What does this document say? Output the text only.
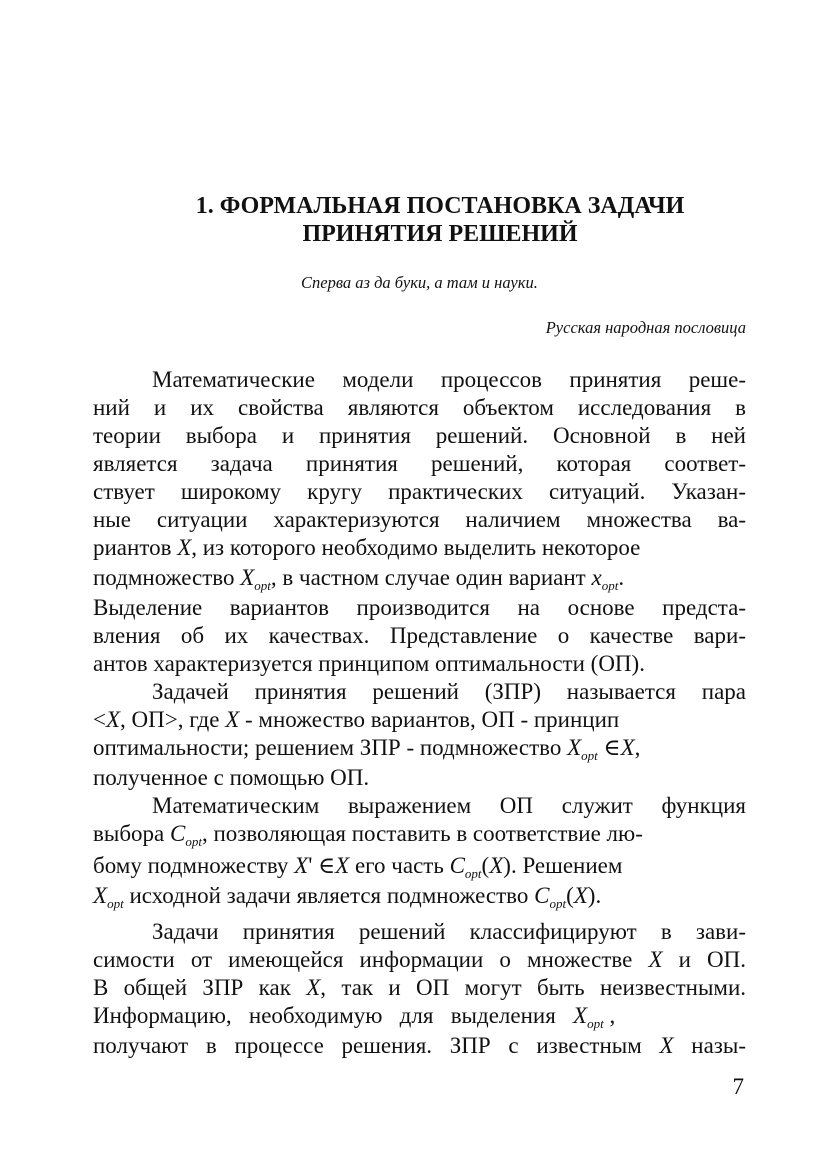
1. ФОРМАЛЬНАЯ ПОСТАНОВКА ЗАДАЧИ
ПРИНЯТИЯ РЕШЕНИЙ
Сперва аз да буки, а там и науки.
Русская народная пословица
Математические модели процессов принятия реше-
ний и их свойства являются объектом исследования в
теории выбора и принятия решений. Основной в ней
является задача принятия решений, которая соответ-
ствует широкому кругу практических ситуаций. Указан-
ные ситуации характеризуются наличием множества ва-
риантов X, из которого необходимо выделить некоторое
подмножество $X_{opt}$, в частном случае один вариант $x_{opt}$.
Выделение вариантов производится на основе предста-
вления об их качествах. Представление о качестве вари-
антов характеризуется принципом оптимальности (ОП).
Задачей принятия решений (ЗПР) называется пара
<X, ОП>, где X - множество вариантов, ОП - принцип
оптимальности; решением ЗПР - подмножество $X_{opt}$ ∈X,
полученное с помощью ОП.
Математическим выражением ОП служит функция
выбора $C_{opt}$, позволяющая поставить в соответствие лю-
бому подмножеству X' ∈X его часть $C_{opt}(X)$. Решением
$X_{opt}$ исходной задачи является подмножество $C_{opt}(X)$.
Задачи принятия решений классифицируют в зави-
симости от имеющейся информации о множестве X и ОП.
В общей ЗПР как X, так и ОП могут быть неизвестными.
Информацию,   необходимую   для   выделения   $X_{opt}$ ,
получают в процессе решения. ЗПР с известным X назы-
7
